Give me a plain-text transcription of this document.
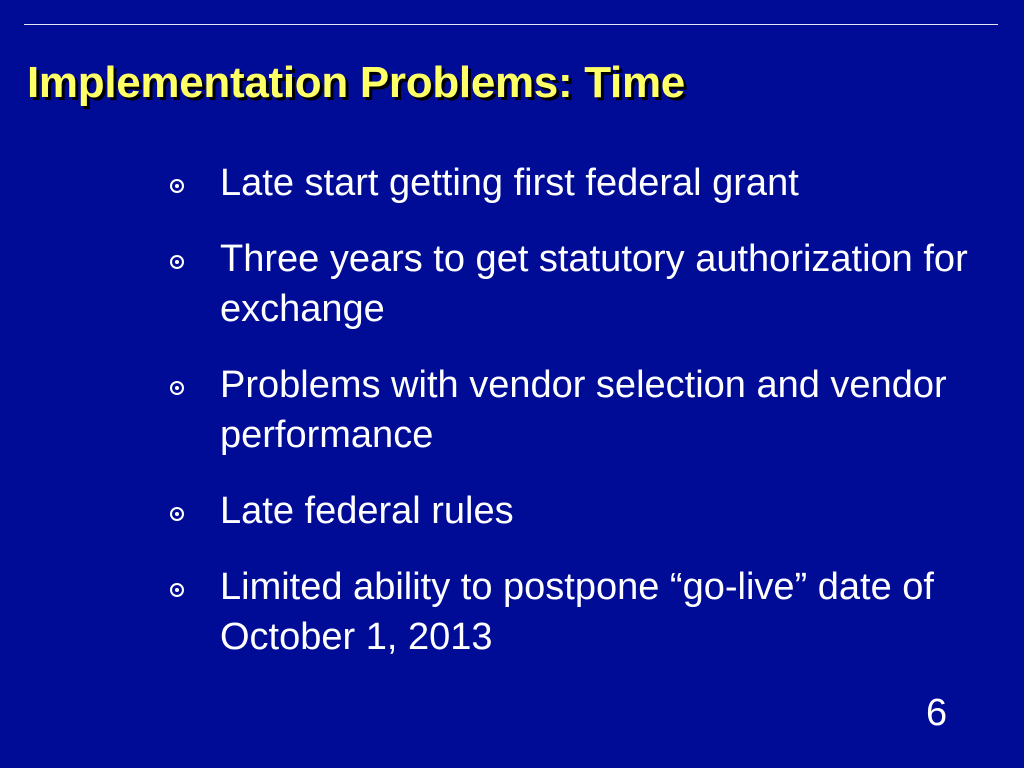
Implementation Problems: Time
Late start getting first federal grant
Three years to get statutory authorization for exchange
Problems with vendor selection and vendor performance
Late federal rules
Limited ability to postpone “go-live” date of October 1, 2013
6
